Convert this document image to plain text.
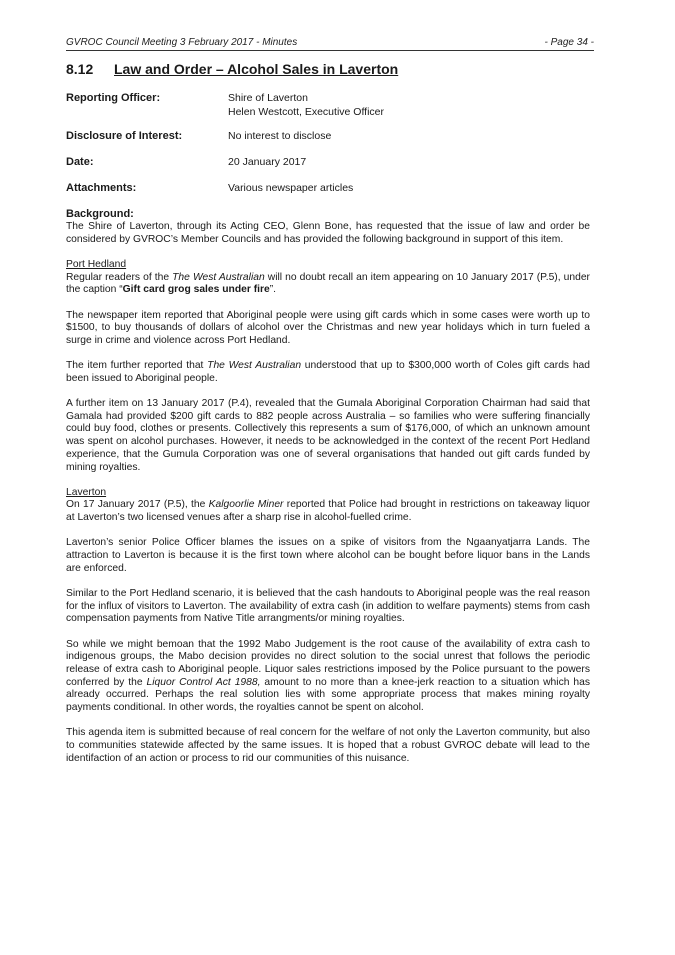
GVROC Council Meeting 3 February 2017 - Minutes	- Page 34 -
8.12 Law and Order – Alcohol Sales in Laverton
Reporting Officer:	Shire of Laverton
Helen Westcott, Executive Officer
Disclosure of Interest:	No interest to disclose
Date:	20 January 2017
Attachments:	Various newspaper articles
Background:

The Shire of Laverton, through its Acting CEO, Glenn Bone, has requested that the issue of law and order be considered by GVROC’s Member Councils and has provided the following background in support of this item.

Port Hedland

Regular readers of the The West Australian will no doubt recall an item appearing on 10 January 2017 (P.5), under the caption “Gift card grog sales under fire”.

The newspaper item reported that Aboriginal people were using gift cards which in some cases were worth up to $1500, to buy thousands of dollars of alcohol over the Christmas and new year holidays which in turn fueled a surge in crime and violence across Port Hedland.

The item further reported that The West Australian understood that up to $300,000 worth of Coles gift cards had been issued to Aboriginal people.

A further item on 13 January 2017 (P.4), revealed that the Gumala Aboriginal Corporation Chairman had said that Gamala had provided $200 gift cards to 882 people across Australia – so families who were suffering financially could buy food, clothes or presents. Collectively this represents a sum of $176,000, of which an unknown amount was spent on alcohol purchases. However, it needs to be acknowledged in the context of the recent Port Hedland experience, that the Gumula Corporation was one of several organisations that handed out gift cards funded by mining royalties.

Laverton

On 17 January 2017 (P.5), the Kalgoorlie Miner reported that Police had brought in restrictions on takeaway liquor at Laverton’s two licensed venues after a sharp rise in alcohol-fuelled crime.

Laverton’s senior Police Officer blames the issues on a spike of visitors from the Ngaanyatjarra Lands. The attraction to Laverton is because it is the first town where alcohol can be bought before liquor bans in the Lands are enforced.

Similar to the Port Hedland scenario, it is believed that the cash handouts to Aboriginal people was the real reason for the influx of visitors to Laverton. The availability of extra cash (in addition to welfare payments) stems from cash compensation payments from Native Title arrangments/or mining royalties.

So while we might bemoan that the 1992 Mabo Judgement is the root cause of the availability of extra cash to indigenous groups, the Mabo decision provides no direct solution to the social unrest that follows the periodic release of extra cash to Aboriginal people. Liquor sales restrictions imposed by the Police pursuant to the powers conferred by the Liquor Control Act 1988, amount to no more than a knee-jerk reaction to a situation which has already occurred. Perhaps the real solution lies with some appropriate process that makes mining royalty payments conditional. In other words, the royalties cannot be spent on alcohol.

This agenda item is submitted because of real concern for the welfare of not only the Laverton community, but also to communities statewide affected by the same issues. It is hoped that a robust GVROC debate will lead to the identifaction of an action or process to rid our communities of this nuisance.
